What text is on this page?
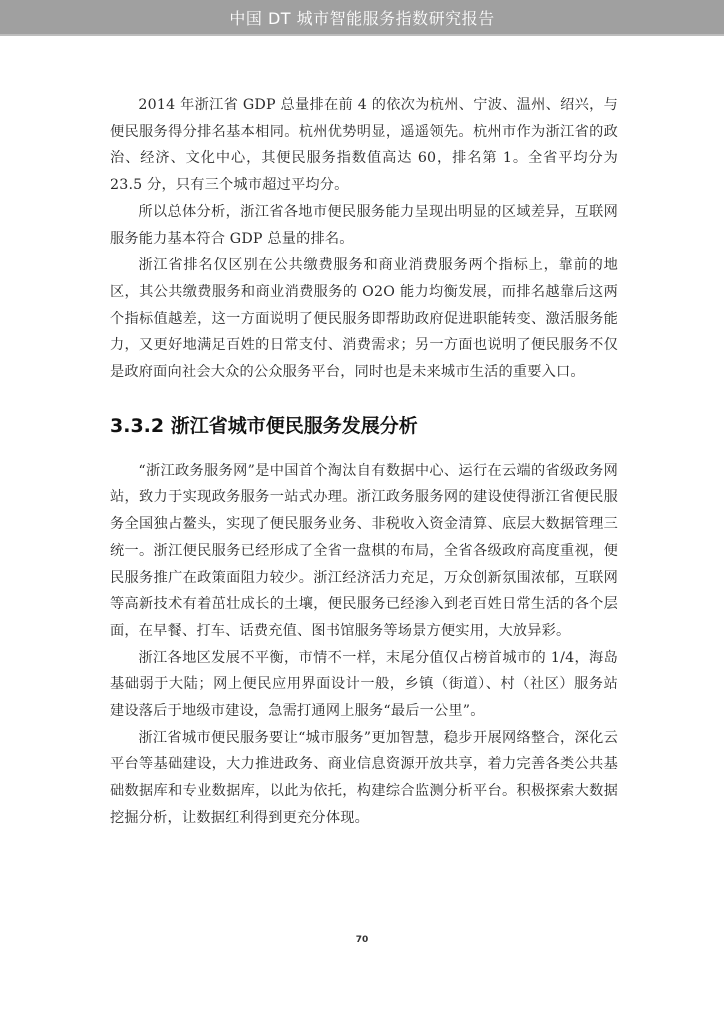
中国 DT 城市智能服务指数研究报告

2014 年浙江省 GDP 总量排在前 4 的依次为杭州、宁波、温州、绍兴，与便民服务得分排名基本相同。杭州优势明显，遥遥领先。杭州市作为浙江省的政治、经济、文化中心，其便民服务指数值高达 60，排名第 1。全省平均分为 23.5 分，只有三个城市超过平均分。

所以总体分析，浙江省各地市便民服务能力呈现出明显的区域差异，互联网服务能力基本符合 GDP 总量的排名。

浙江省排名仅区别在公共缴费服务和商业消费服务两个指标上，靠前的地区，其公共缴费服务和商业消费服务的 O2O 能力均衡发展，而排名越靠后这两个指标值越差，这一方面说明了便民服务即帮助政府促进职能转变、激活服务能力，又更好地满足百姓的日常支付、消费需求；另一方面也说明了便民服务不仅是政府面向社会大众的公众服务平台，同时也是未来城市生活的重要入口。

3.3.2 浙江省城市便民服务发展分析

“浙江政务服务网”是中国首个淘汰自有数据中心、运行在云端的省级政务网站，致力于实现政务服务一站式办理。浙江政务服务网的建设使得浙江省便民服务全国独占鳌头，实现了便民服务业务、非税收入资金清算、底层大数据管理三统一。浙江便民服务已经形成了全省一盘棋的布局，全省各级政府高度重视，便民服务推广在政策面阻力较少。浙江经济活力充足，万众创新氛围浓郁，互联网等高新技术有着茁壮成长的土壤，便民服务已经渗入到老百姓日常生活的各个层面，在早餐、打车、话费充值、图书馆服务等场景方便实用，大放异彩。

浙江各地区发展不平衡，市情不一样，末尾分值仅占榜首城市的 1/4，海岛基础弱于大陆；网上便民应用界面设计一般，乡镇（街道）、村（社区）服务站建设落后于地级市建设，急需打通网上服务“最后一公里”。

浙江省城市便民服务要让“城市服务”更加智慧，稳步开展网络整合，深化云平台等基础建设，大力推进政务、商业信息资源开放共享，着力完善各类公共基础数据库和专业数据库，以此为依托，构建综合监测分析平台。积极探索大数据挖掘分析，让数据红利得到更充分体现。

70
